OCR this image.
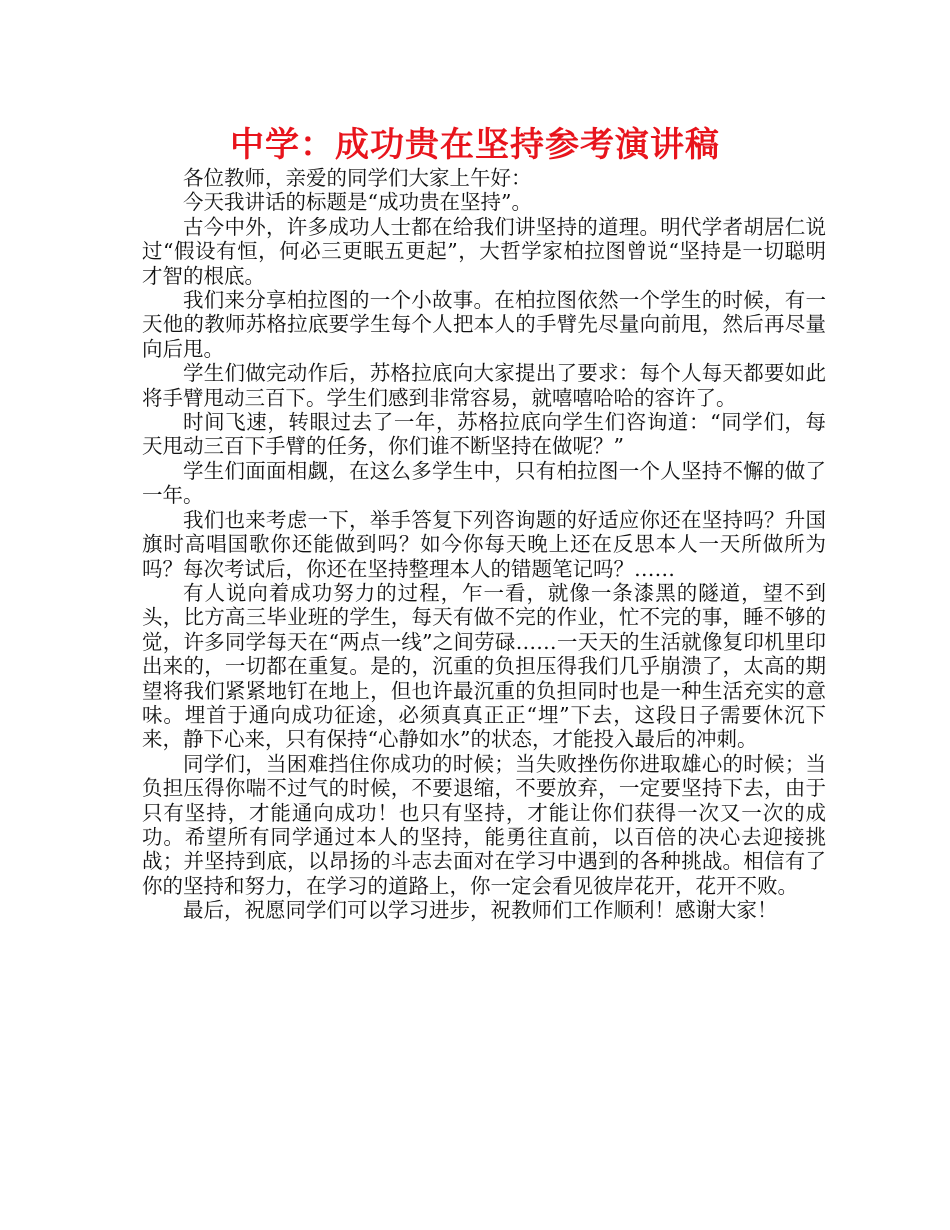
中学：成功贵在坚持参考演讲稿

各位教师，亲爱的同学们大家上午好：

今天我讲话的标题是“成功贵在坚持”。

古今中外，许多成功人士都在给我们讲坚持的道理。明代学者胡居仁说过“假设有恒，何必三更眠五更起”，大哲学家柏拉图曾说“坚持是一切聪明才智的根底。

我们来分享柏拉图的一个小故事。在柏拉图依然一个学生的时候，有一天他的教师苏格拉底要学生每个人把本人的手臂先尽量向前甩，然后再尽量向后甩。

学生们做完动作后，苏格拉底向大家提出了要求：每个人每天都要如此将手臂甩动三百下。学生们感到非常容易，就嘻嘻哈哈的容许了。

时间飞速，转眼过去了一年，苏格拉底向学生们咨询道：“同学们，每天甩动三百下手臂的任务，你们谁不断坚持在做呢？”

学生们面面相觑，在这么多学生中，只有柏拉图一个人坚持不懈的做了一年。

我们也来考虑一下，举手答复下列咨询题的好适应你还在坚持吗？升国旗时高唱国歌你还能做到吗？如今你每天晚上还在反思本人一天所做所为吗？每次考试后，你还在坚持整理本人的错题笔记吗？……

有人说向着成功努力的过程，乍一看，就像一条漆黑的隧道，望不到头，比方高三毕业班的学生，每天有做不完的作业，忙不完的事，睡不够的觉，许多同学每天在“两点一线”之间劳碌……一天天的生活就像复印机里印出来的，一切都在重复。是的，沉重的负担压得我们几乎崩溃了，太高的期望将我们紧紧地钉在地上，但也许最沉重的负担同时也是一种生活充实的意味。埋首于通向成功征途，必须真真正正“埋”下去，这段日子需要休沉下来，静下心来，只有保持“心静如水”的状态，才能投入最后的冲刺。

同学们，当困难挡住你成功的时候；当失败挫伤你进取雄心的时候；当负担压得你喘不过气的时候，不要退缩，不要放弃，一定要坚持下去，由于只有坚持，才能通向成功！也只有坚持，才能让你们获得一次又一次的成功。希望所有同学通过本人的坚持，能勇往直前，以百倍的决心去迎接挑战；并坚持到底，以昂扬的斗志去面对在学习中遇到的各种挑战。相信有了你的坚持和努力，在学习的道路上，你一定会看见彼岸花开，花开不败。

最后，祝愿同学们可以学习进步，祝教师们工作顺利！感谢大家！
